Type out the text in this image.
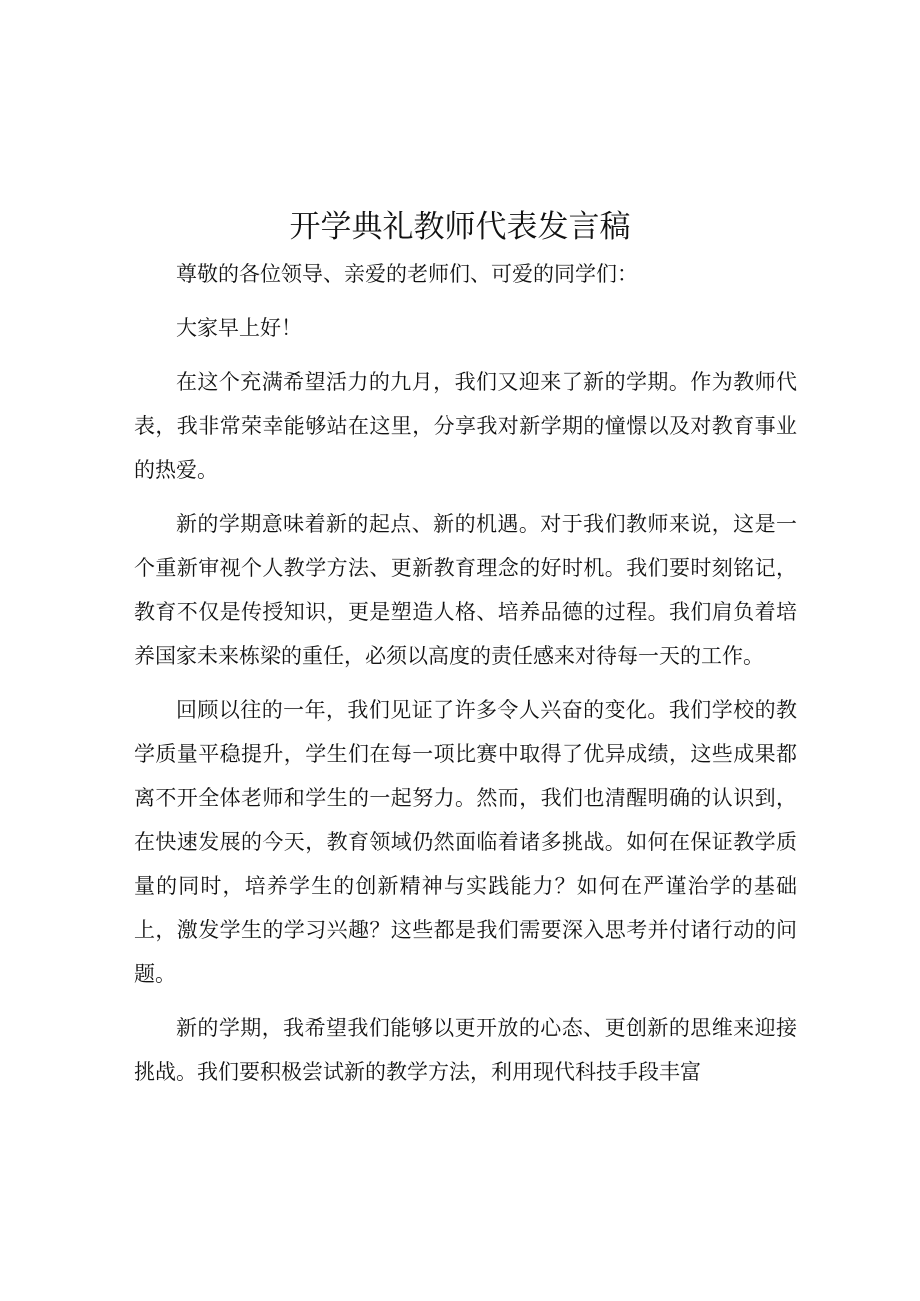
开学典礼教师代表发言稿

尊敬的各位领导、亲爱的老师们、可爱的同学们：

大家早上好！

在这个充满希望活力的九月，我们又迎来了新的学期。作为教师代表，我非常荣幸能够站在这里，分享我对新学期的憧憬以及对教育事业的热爱。

新的学期意味着新的起点、新的机遇。对于我们教师来说，这是一个重新审视个人教学方法、更新教育理念的好时机。我们要时刻铭记，教育不仅是传授知识，更是塑造人格、培养品德的过程。我们肩负着培养国家未来栋梁的重任，必须以高度的责任感来对待每一天的工作。

回顾以往的一年，我们见证了许多令人兴奋的变化。我们学校的教学质量平稳提升，学生们在每一项比赛中取得了优异成绩，这些成果都离不开全体老师和学生的一起努力。然而，我们也清醒明确的认识到，在快速发展的今天，教育领域仍然面临着诸多挑战。如何在保证教学质量的同时，培养学生的创新精神与实践能力？如何在严谨治学的基础上，激发学生的学习兴趣？这些都是我们需要深入思考并付诸行动的问题。

新的学期，我希望我们能够以更开放的心态、更创新的思维来迎接挑战。我们要积极尝试新的教学方法，利用现代科技手段丰富
